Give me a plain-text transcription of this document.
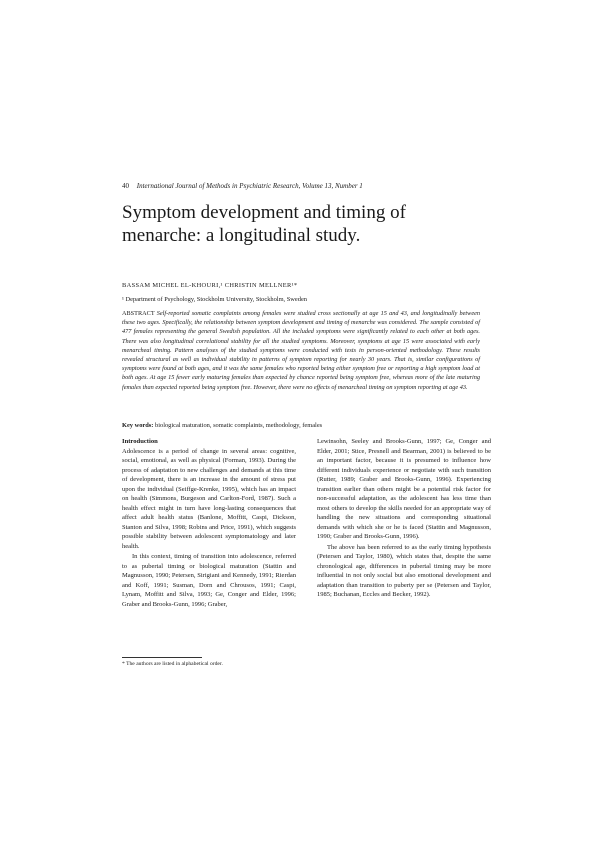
40 International Journal of Methods in Psychiatric Research, Volume 13, Number 1
Symptom development and timing of menarche: a longitudinal study.
BASSAM MICHEL EL-KHOURI,¹ CHRISTIN MELLNER¹*
¹ Department of Psychology, Stockholm University, Stockholm, Sweden

ABSTRACT Self-reported somatic complaints among females were studied cross sectionally at age 15 and 43, and longitudinally between these two ages. Specifically, the relationship between symptom development and timing of menarche was considered. The sample consisted of 477 females representing the general Swedish population. All the included symptoms were significantly related to each other at both ages. There was also longitudinal correlational stability for all the studied symptoms. Moreover, symptoms at age 15 were associated with early menarcheal timing. Pattern analyses of the studied symptoms were conducted with tests in person-oriented methodology. These results revealed structural as well as individual stability in patterns of symptom reporting for nearly 30 years. That is, similar configurations of symptoms were found at both ages, and it was the same females who reported being either symptom free or reporting a high symptom load at both ages. At age 15 fewer early maturing females than expected by chance reported being symptom free, whereas more of the late maturing females than expected reported being symptom free. However, there were no effects of menarcheal timing on symptom reporting at age 43.

Key words: biological maturation, somatic complaints, methodology, females

Introduction

Adolescence is a period of change in several areas: cognitive, social, emotional, as well as physical (Forman, 1993). During the process of adaptation to new challenges and demands at this time of development, there is an increase in the amount of stress put upon the individual (Seiffge-Krenke, 1995), which has an impact on health (Simmons, Burgeson and Carlton-Ford, 1987). Such a health effect might in turn have long-lasting consequences that affect adult health status (Banlone, Moffitt, Caspi, Dickson, Stanton and Silva, 1998; Robins and Price, 1991), which suggests possible stability between adolescent symptomatology and later health.

In this context, timing of transition into adolescence, referred to as pubertal timing or biological maturation (Stattin and Magnusson, 1990; Petersen, Sirigiani and Kennedy, 1991; Rierdan and Koff, 1991; Susman, Dorn and Chrousos, 1991; Caspi, Lynam, Moffitt and Silva, 1993; Ge, Conger and Elder, 1996; Graber and Brooks-Gunn, 1996; Graber,

Lewinsohn, Seeley and Brooks-Gunn, 1997; Ge, Conger and Elder, 2001; Stice, Presnell and Bearman, 2001) is believed to be an important factor, because it is presumed to influence how different individuals experience or negotiate with such transition (Rutter, 1989; Graber and Brooks-Gunn, 1996). Experiencing transition earlier than others might be a potential risk factor for non-successful adaptation, as the adolescent has less time than most others to develop the skills needed for an appropriate way of handling the new situations and corresponding situational demands with which she or he is faced (Stattin and Magnusson, 1990; Graber and Brooks-Gunn, 1996).

The above has been referred to as the early timing hypothesis (Petersen and Taylor, 1980), which states that, despite the same chronological age, differences in pubertal timing may be more influential in not only social but also emotional development and adaptation than transition to puberty per se (Petersen and Taylor, 1985; Buchanan, Eccles and Becker, 1992).

* The authors are listed in alphabetical order.
